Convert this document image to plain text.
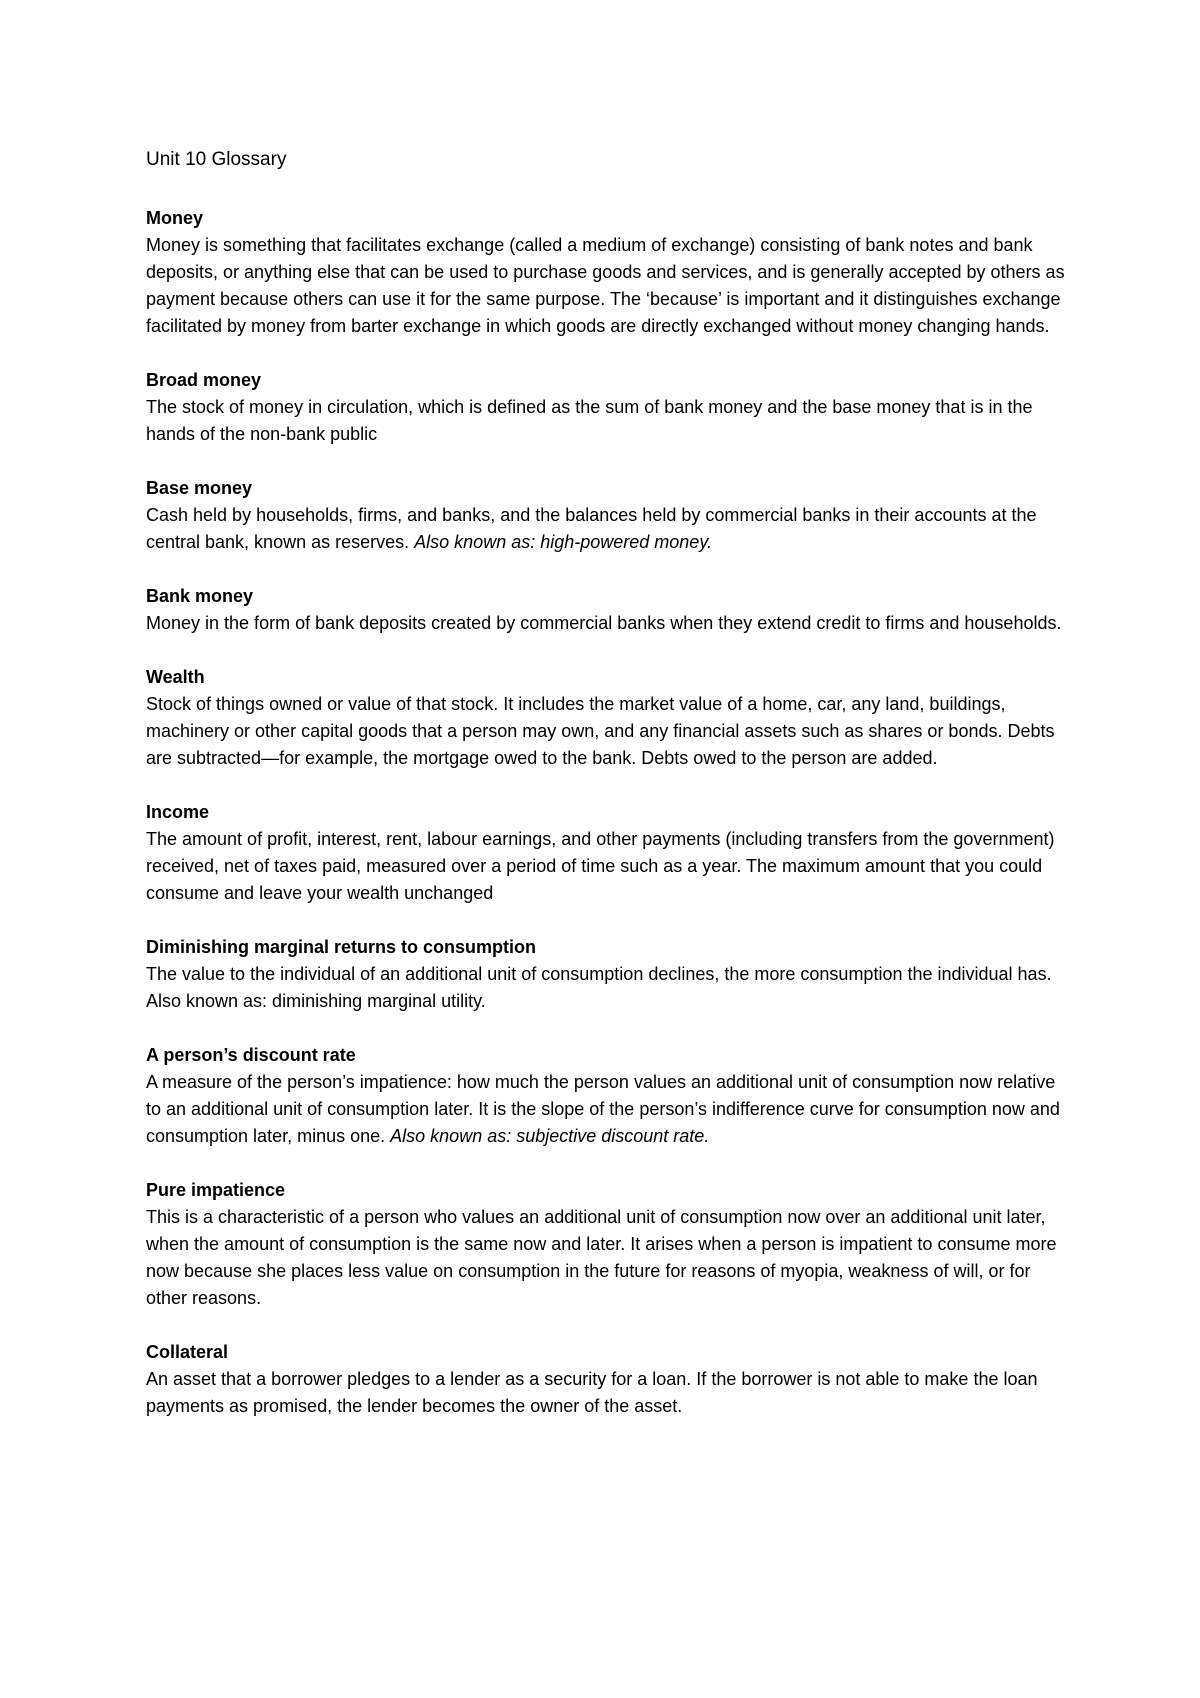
Unit 10 Glossary

Money

Money is something that facilitates exchange (called a medium of exchange) consisting of bank notes and bank deposits, or anything else that can be used to purchase goods and services, and is generally accepted by others as payment because others can use it for the same purpose. The ‘because’ is important and it distinguishes exchange facilitated by money from barter exchange in which goods are directly exchanged without money changing hands.

Broad money

The stock of money in circulation, which is defined as the sum of bank money and the base money that is in the hands of the non-bank public

Base money

Cash held by households, firms, and banks, and the balances held by commercial banks in their accounts at the central bank, known as reserves. Also known as: high-powered money.

Bank money

Money in the form of bank deposits created by commercial banks when they extend credit to firms and households.

Wealth

Stock of things owned or value of that stock. It includes the market value of a home, car, any land, buildings, machinery or other capital goods that a person may own, and any financial assets such as shares or bonds. Debts are subtracted—for example, the mortgage owed to the bank. Debts owed to the person are added.

Income

The amount of profit, interest, rent, labour earnings, and other payments (including transfers from the government) received, net of taxes paid, measured over a period of time such as a year. The maximum amount that you could consume and leave your wealth unchanged

Diminishing marginal returns to consumption

The value to the individual of an additional unit of consumption declines, the more consumption the individual has. Also known as: diminishing marginal utility.

A person’s discount rate

A measure of the person’s impatience: how much the person values an additional unit of consumption now relative to an additional unit of consumption later. It is the slope of the person’s indifference curve for consumption now and consumption later, minus one. Also known as: subjective discount rate.

Pure impatience

This is a characteristic of a person who values an additional unit of consumption now over an additional unit later, when the amount of consumption is the same now and later. It arises when a person is impatient to consume more now because she places less value on consumption in the future for reasons of myopia, weakness of will, or for other reasons.

Collateral

An asset that a borrower pledges to a lender as a security for a loan. If the borrower is not able to make the loan payments as promised, the lender becomes the owner of the asset.
